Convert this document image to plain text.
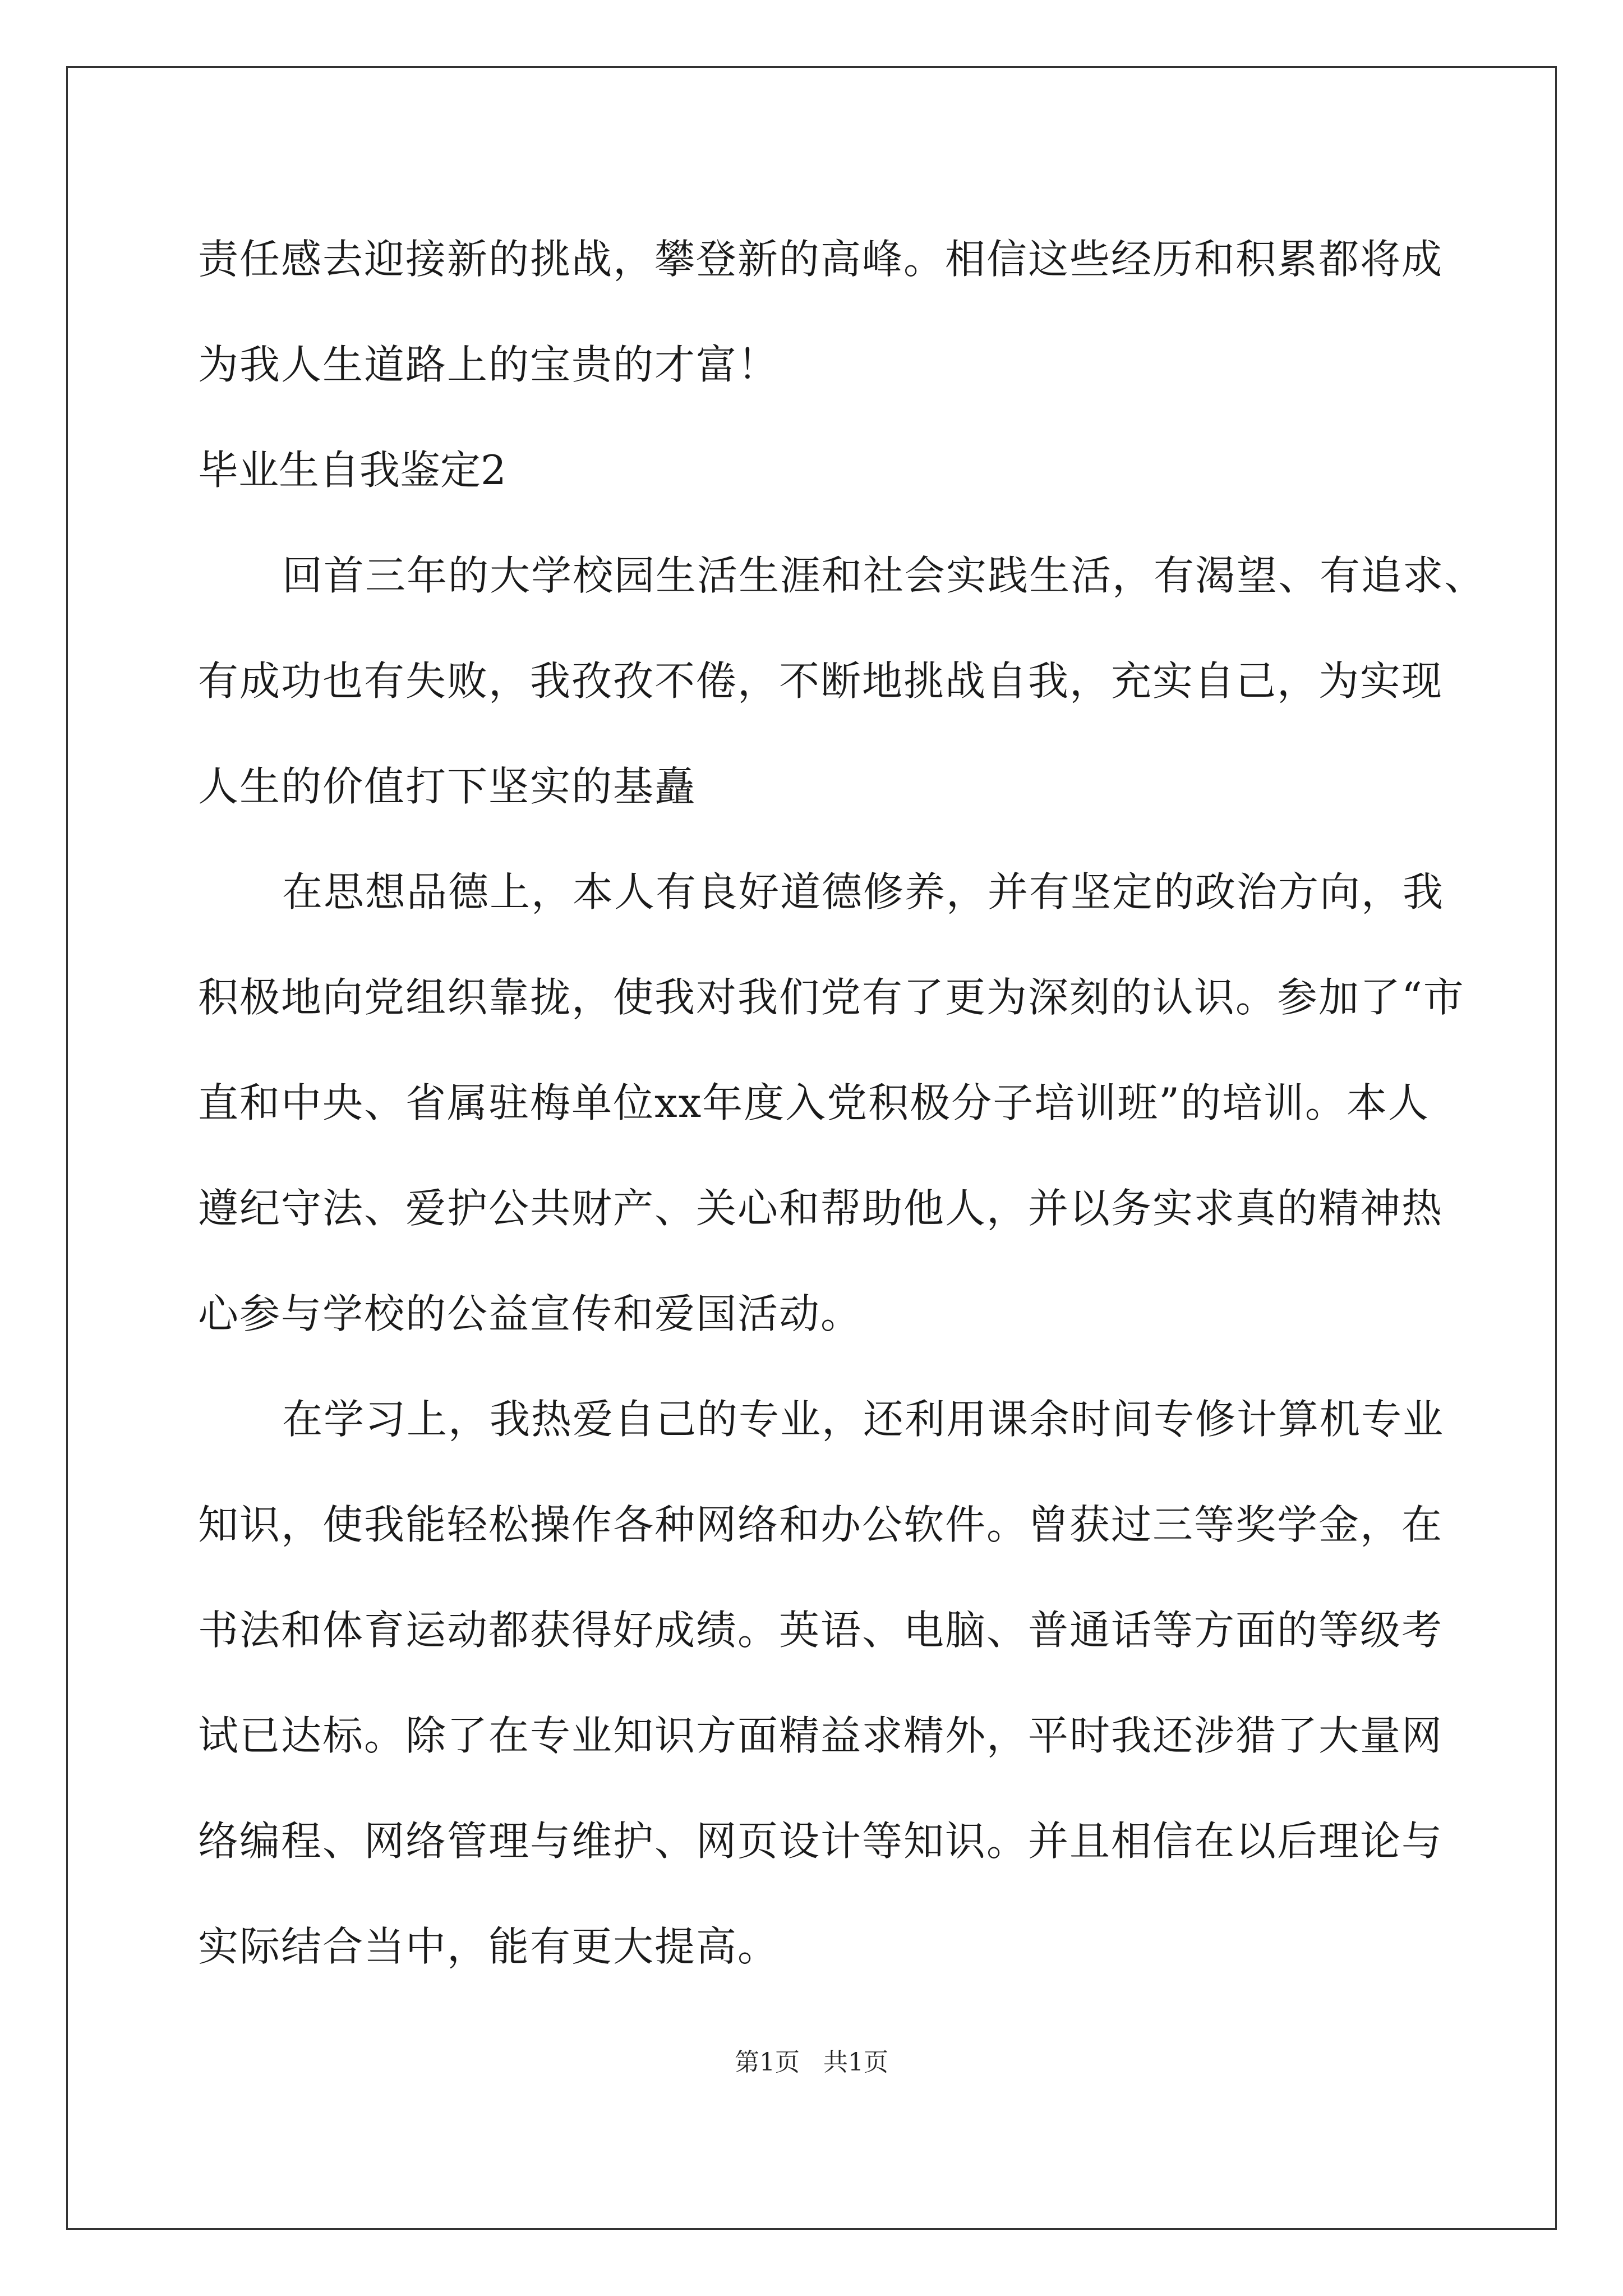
责任感去迎接新的挑战，攀登新的高峰。相信这些经历和积累都将成
为我人生道路上的宝贵的才富！
毕业生自我鉴定2
回首三年的大学校园生活生涯和社会实践生活，有渴望、有追求、
有成功也有失败，我孜孜不倦，不断地挑战自我，充实自己，为实现
人生的价值打下坚实的基矗
在思想品德上，本人有良好道德修养，并有坚定的政治方向，我
积极地向党组织靠拢，使我对我们党有了更为深刻的认识。参加了“市
直和中央、省属驻梅单位xx年度入党积极分子培训班”的培训。本人
遵纪守法、爱护公共财产、关心和帮助他人，并以务实求真的精神热
心参与学校的公益宣传和爱国活动。
在学习上，我热爱自己的专业，还利用课余时间专修计算机专业
知识，使我能轻松操作各种网络和办公软件。曾获过三等奖学金，在
书法和体育运动都获得好成绩。英语、电脑、普通话等方面的等级考
试已达标。除了在专业知识方面精益求精外，平时我还涉猎了大量网
络编程、网络管理与维护、网页设计等知识。并且相信在以后理论与
实际结合当中，能有更大提高。
第1页 共1页
